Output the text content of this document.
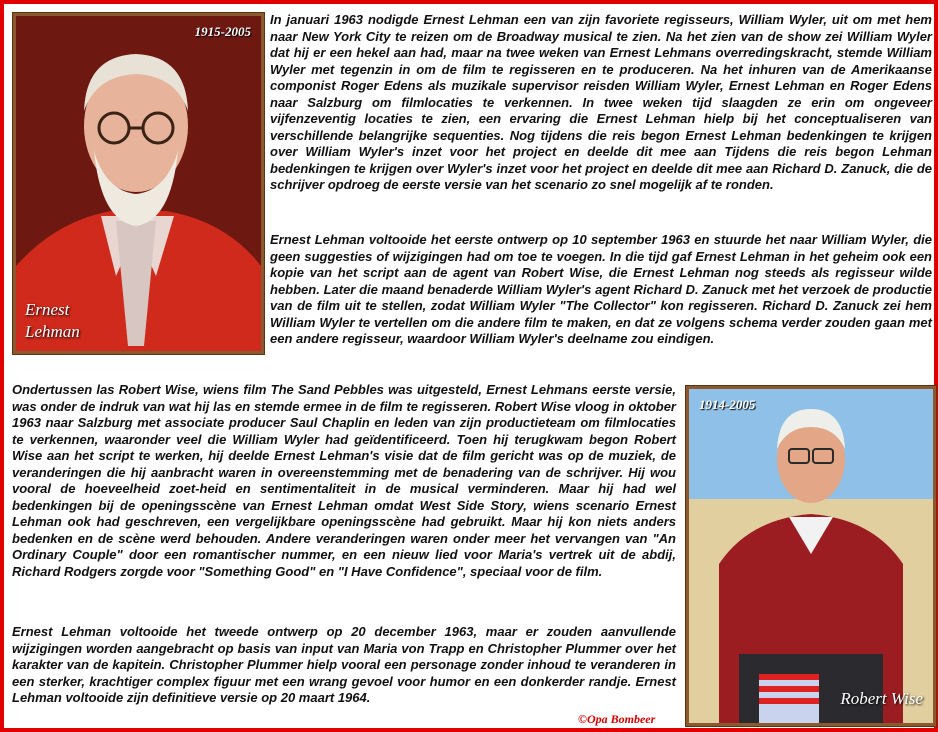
1915-2005
Ernest
Lehman

In januari 1963 nodigde Ernest Lehman een van zijn favoriete regisseurs, William Wyler, uit om met hem naar New York City te reizen om de Broadway musical te zien. Na het zien van de show zei William Wyler dat hij er een hekel aan had, maar na twee weken van Ernest Lehmans overredingskracht, stemde William Wyler met tegenzin in om de film te regisseren en te produceren. Na het inhuren van de Amerikaanse componist Roger Edens als muzikale supervisor reisden William Wyler, Ernest Lehman en Roger Edens naar Salzburg om filmlocaties te verkennen. In twee weken tijd slaagden ze erin om ongeveer vijfenzeventig locaties te zien, een ervaring die Ernest Lehman hielp bij het conceptualiseren van verschillende belangrijke sequenties. Nog tijdens die reis begon Ernest Lehman bedenkingen te krijgen over William Wyler's inzet voor het project en deelde dit mee aan Tijdens die reis begon Lehman bedenkingen te krijgen over Wyler's inzet voor het project en deelde dit mee aan Richard D. Zanuck, die de schrijver opdroeg de eerste versie van het scenario zo snel mogelijk af te ronden.

Ernest Lehman voltooide het eerste ontwerp op 10 september 1963 en stuurde het naar William Wyler, die geen suggesties of wijzigingen had om toe te voegen. In die tijd gaf Ernest Lehman in het geheim ook een kopie van het script aan de agent van Robert Wise, die Ernest Lehman nog steeds als regisseur wilde hebben. Later die maand benaderde William Wyler's agent Richard D. Zanuck met het verzoek de productie van de film uit te stellen, zodat William Wyler "The Collector" kon regisseren. Richard D. Zanuck zei hem William Wyler te vertellen om die andere film te maken, en dat ze volgens schema verder zouden gaan met een andere regisseur, waardoor William Wyler's deelname zou eindigen.

Ondertussen las Robert Wise, wiens film The Sand Pebbles was uitgesteld, Ernest Lehmans eerste versie, was onder de indruk van wat hij las en stemde ermee in de film te regisseren. Robert Wise vloog in oktober 1963 naar Salzburg met associate producer Saul Chaplin en leden van zijn productieteam om filmlocaties te verkennen, waaronder veel die William Wyler had geïdentificeerd. Toen hij terugkwam begon Robert Wise aan het script te werken, hij deelde Ernest Lehman's visie dat de film gericht was op de muziek, de veranderingen die hij aanbracht waren in overeenstemming met de benadering van de schrijver. Hij wou vooral de hoeveelheid zoet-heid en sentimentaliteit in de musical verminderen. Maar hij had wel bedenkingen bij de openingsscène van Ernest Lehman omdat West Side Story, wiens scenario Ernest Lehman ook had geschreven, een vergelijkbare openingsscène had gebruikt. Maar hij kon niets anders bedenken en de scène werd behouden. Andere veranderingen waren onder meer het vervangen van "An Ordinary Couple" door een romantischer nummer, en een nieuw lied voor Maria's vertrek uit de abdij, Richard Rodgers zorgde voor "Something Good" en "I Have Confidence", speciaal voor de film.

Ernest Lehman voltooide het tweede ontwerp op 20 december 1963, maar er zouden aanvullende wijzigingen worden aangebracht op basis van input van Maria von Trapp en Christopher Plummer over het karakter van de kapitein. Christopher Plummer hielp vooral een personage zonder inhoud te veranderen in een sterker, krachtiger complex figuur met een wrang gevoel voor humor en een donkerder randje. Ernest Lehman voltooide zijn definitieve versie op 20 maart 1964.

1914-2005
Robert Wise
©Opa Bombeer
